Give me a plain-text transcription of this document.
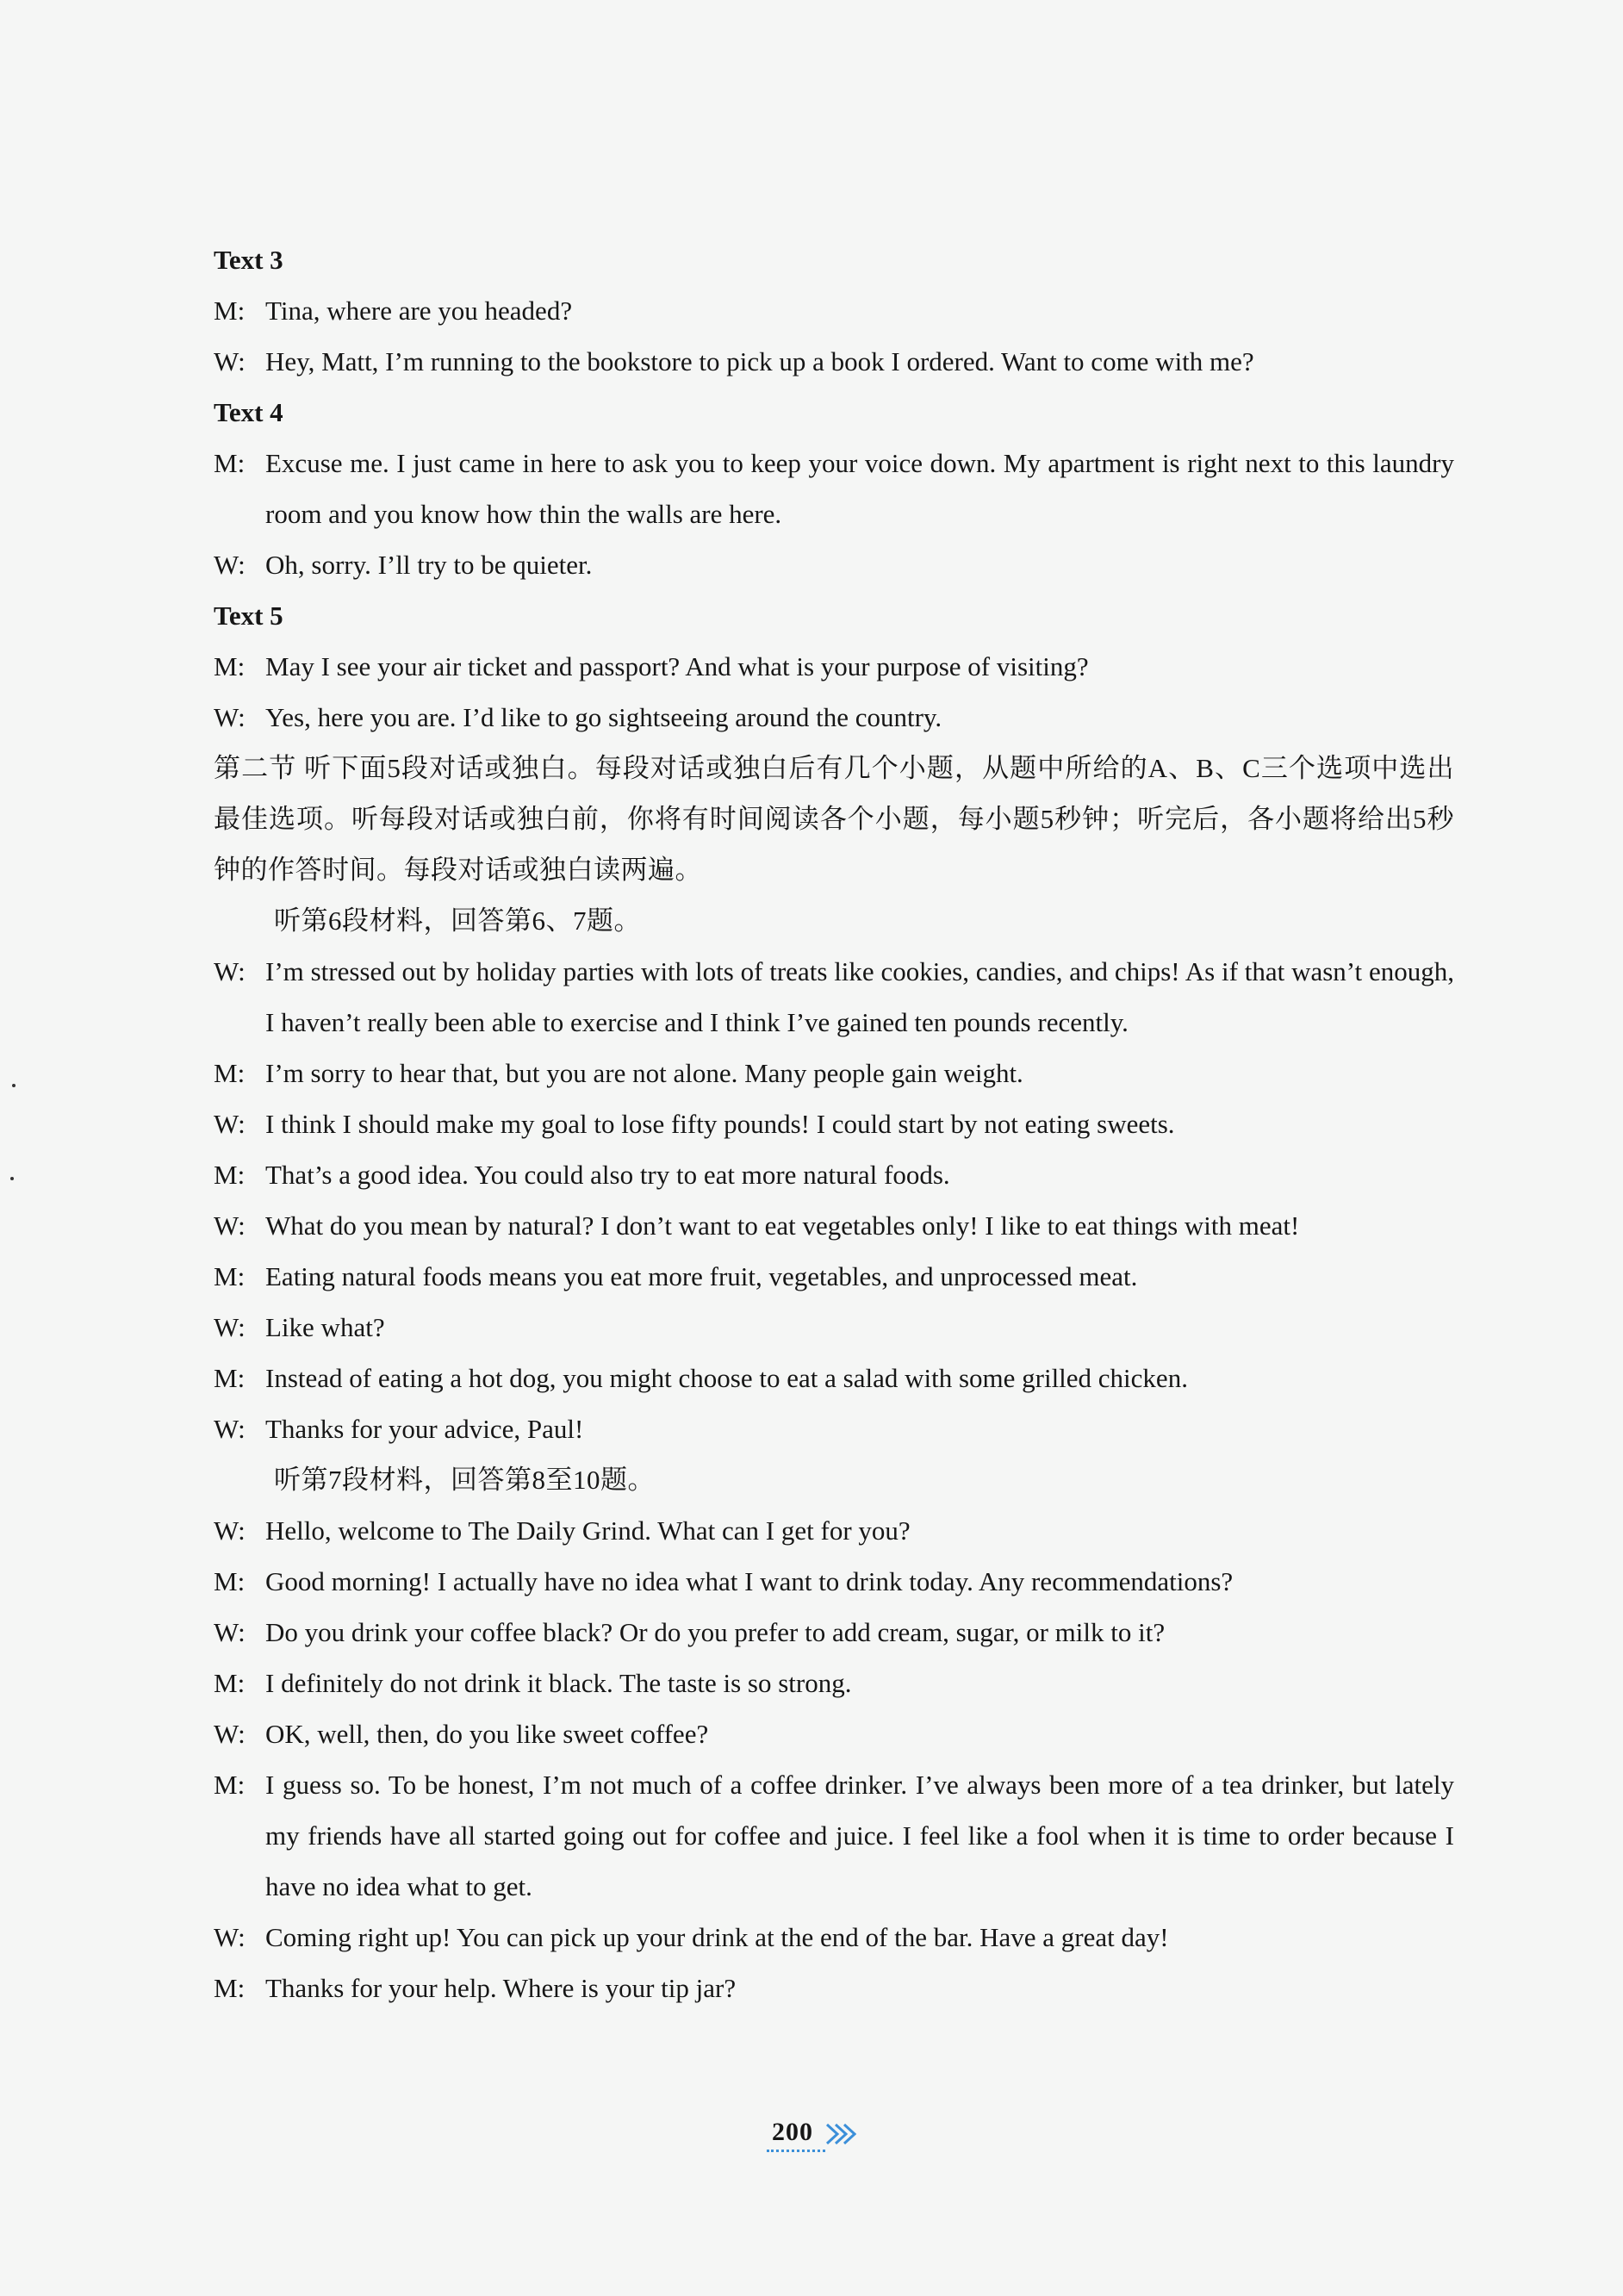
Text 3

M: Tina, where are you headed?

W: Hey, Matt, I’m running to the bookstore to pick up a book I ordered. Want to come with me?

Text 4

M: Excuse me. I just came in here to ask you to keep your voice down. My apartment is right next to this laundry room and you know how thin the walls are here.

W: Oh, sorry. I’ll try to be quieter.

Text 5

M: May I see your air ticket and passport? And what is your purpose of visiting?

W: Yes, here you are. I’d like to go sightseeing around the country.

第二节 听下面5段对话或独白。每段对话或独白后有几个小题，从题中所给的A、B、C三个选项中选出最佳选项。听每段对话或独白前，你将有时间阅读各个小题，每小题5秒钟；听完后，各小题将给出5秒钟的作答时间。每段对话或独白读两遍。

听第6段材料，回答第6、7题。

W: I’m stressed out by holiday parties with lots of treats like cookies, candies, and chips! As if that wasn’t enough, I haven’t really been able to exercise and I think I’ve gained ten pounds recently.

M: I’m sorry to hear that, but you are not alone. Many people gain weight.

W: I think I should make my goal to lose fifty pounds! I could start by not eating sweets.

M: That’s a good idea. You could also try to eat more natural foods.

W: What do you mean by natural? I don’t want to eat vegetables only! I like to eat things with meat!

M: Eating natural foods means you eat more fruit, vegetables, and unprocessed meat.

W: Like what?

M: Instead of eating a hot dog, you might choose to eat a salad with some grilled chicken.

W: Thanks for your advice, Paul!

听第7段材料，回答第8至10题。

W: Hello, welcome to The Daily Grind. What can I get for you?

M: Good morning! I actually have no idea what I want to drink today. Any recommendations?

W: Do you drink your coffee black? Or do you prefer to add cream, sugar, or milk to it?

M: I definitely do not drink it black. The taste is so strong.

W: OK, well, then, do you like sweet coffee?

M: I guess so. To be honest, I’m not much of a coffee drinker. I’ve always been more of a tea drinker, but lately my friends have all started going out for coffee and juice. I feel like a fool when it is time to order because I have no idea what to get.

W: Coming right up! You can pick up your drink at the end of the bar. Have a great day!

M: Thanks for your help. Where is your tip jar?

200
